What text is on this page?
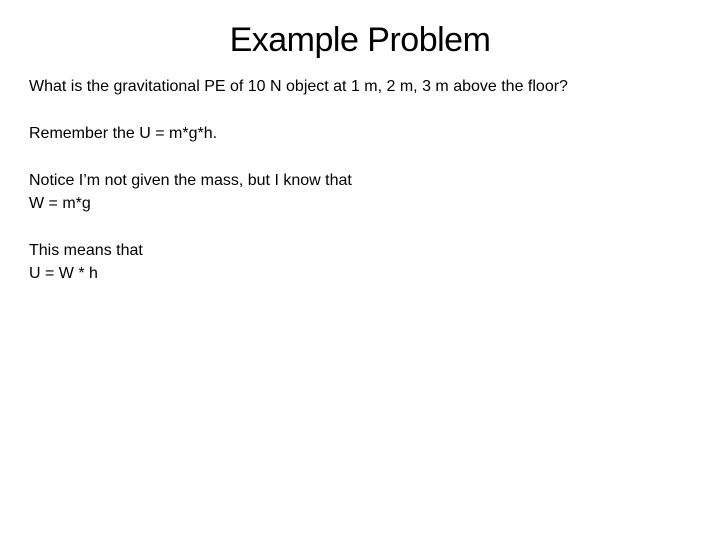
Example Problem

What is the gravitational PE of 10 N object at 1 m, 2 m, 3 m above the floor?

Remember the U = m*g*h.

Notice I’m not given the mass, but I know that

W = m*g

This means that

U = W * h
